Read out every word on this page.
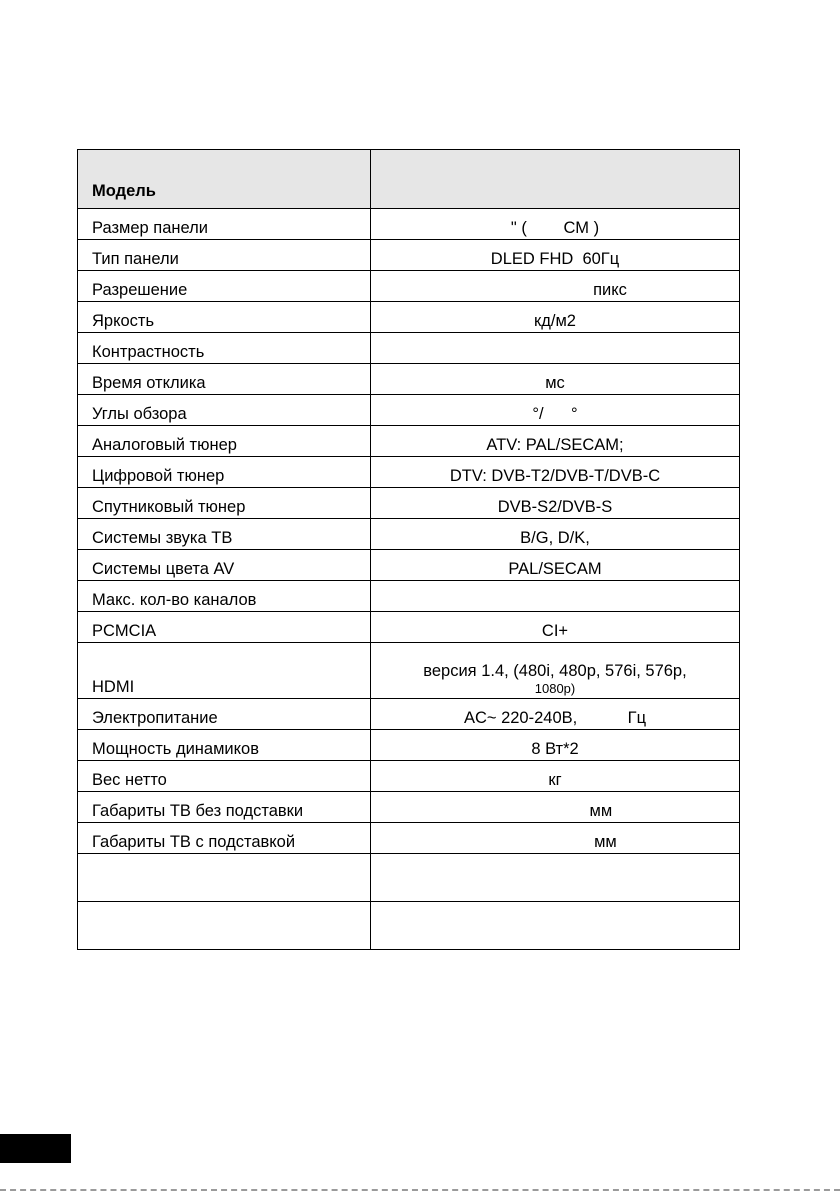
Модель	
Размер панели	" (        СМ )
Тип панели	DLED FHD  60Гц
Разрешение	пикс
Яркость	кд/м2
Контрастность	
Время отклика	мс
Углы обзора	°/      °
Аналоговый тюнер	ATV: PAL/SECAM;
Цифровой тюнер	DTV: DVB-T2/DVB-T/DVB-C
Спутниковый тюнер	DVB-S2/DVB-S
Системы звука ТВ	B/G, D/K,
Системы цвета AV	PAL/SECAM
Макс. кол-во каналов	
PCMCIA	CI+
HDMI	версия 1.4, (480i, 480p, 576i, 576p,
1080p)

Электропитание	AC~ 220-240В,           Гц
Мощность динамиков	8 Вт*2
Вес нетто	кг
Габариты ТВ без подставки	мм
Габариты ТВ с подставкой	мм
